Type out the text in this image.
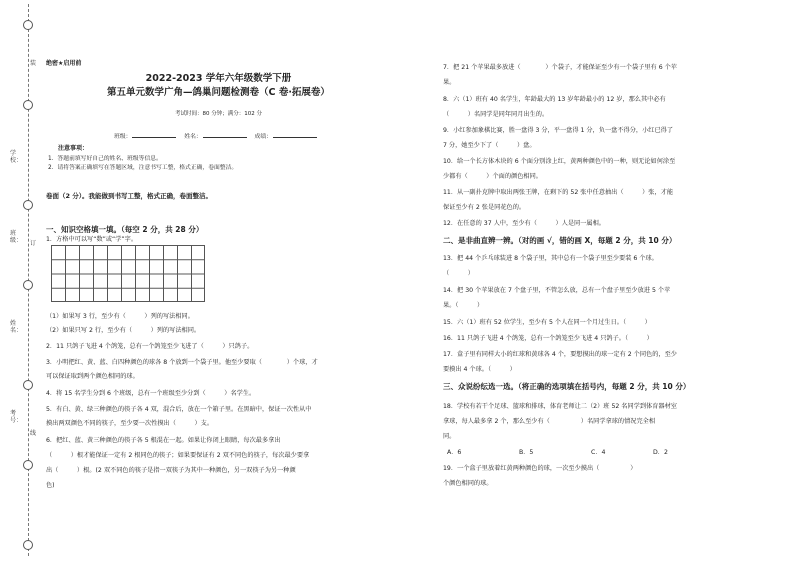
学校：
班级：
姓名：
考号：
装
订
线
绝密★启用前
2022-2023 学年六年级数学下册
第五单元数学广角—鸽巢问题检测卷（C 卷·拓展卷）
考试时间：80 分钟；满分：102 分
班级：	姓名：	成绩：
注意事项：
1．答题前填写好自己的姓名、班级等信息。
2．请将答案正确填写在答题区域，注意书写工整，格式正确，卷面整洁。
卷面（2 分）。我能做到书写工整，格式正确，卷面整洁。
一、知识空格填一填。（每空 2 分，共 28 分）
1．方格中可以写“数”或“学”字。
（1）如果写 3 行，至少有（　　　）列的写法相同。
（2）如果只写 2 行，至少有（　　　）列的写法相同。
2．11 只鸽子飞进 4 个鸽笼，总有一个鸽笼至少飞进了（　　　）只鸽子。
3．小明把红、黄、蓝、白四种颜色的球各 8 个放到一个袋子里。他至少要取（　　　　）个球，才
可以保证取到两个颜色相同的球。
4．将 15 名学生分到 6 个班级，总有一个班级至少分到（　　　）名学生。
5．有白、黄、绿三种颜色的筷子各 4 双，混合后，放在一个箱子里。在黑暗中，保证一次性从中
摸出两双颜色不同的筷子，至少要一次性摸出（　　　）支。
6．把红、蓝、黄三种颜色的筷子各 5 根混在一起。如果让你闭上眼睛，每次最多拿出
（　　　）根才能保证一定有 2 根同色的筷子；如果要保证有 2 双不同色的筷子，每次最少要拿
出（　　　）根。(2 双不同色的筷子是指一双筷子为其中一种颜色，另一双筷子为另一种颜
色)
7．把 21 个苹果最多放进（　　　　）个袋子，才能保证至少有一个袋子里有 6 个苹
果。
8．六（1）班有 40 名学生，年龄最大的 13 岁年龄最小的 12 岁，那么其中必有
（　　　）名同学是同年同月出生的。
9．小红参加象棋比赛，胜一盘得 3 分，平一盘得 1 分，负一盘不得分，小红已得了
7 分，她至少下了（　　　）盘。
10．给一个长方体木块的 6 个面分别涂上红，黄两种颜色中的一种，则无论如何涂至
少都有（　　　）个面的颜色相同。
11．从一副扑克牌中取出两张王牌，在剩下的 52 张中任意抽出（　　　）张，才能
保证至少有 2 张是同花色的。
12．在任意的 37 人中，至少有（　　　）人是同一属相。
二、是非曲直辨一辨。（对的画 √，错的画 X，每题 2 分，共 10 分）
13．把 44 个乒乓球装进 8 个袋子里，其中总有一个袋子里至少要装 6 个球。
（　　　）
14．把 30 个苹果放在 7 个盘子里，不管怎么放，总有一个盘子里至少放进 5 个苹
果。（　　　）
15．六（1）班有 52 位学生，至少有 5 个人在同一个月过生日。（　　　）
16．11 只鸽子飞进 4 个鸽笼，总有一个鸽笼至少飞进 4 只鸽子。（　　　）
17．盒子里有同样大小的红球和黄球各 4 个，要想摸出的球一定有 2 个同色的，至少
要摸出 4 个球。（　　　）
三、众说纷纭选一选。（将正确的选项填在括号内，每题 2 分，共 10 分）
18．学校有若干个足球、篮球和排球，体育老师让二（2）班 52 名同学到体育器材室
拿球，每人最多拿 2 个，那么至少有（　　　　　）名同学拿球的情况完全相
同。
A．6	B．5	C．4	D．2
19．一个盒子里放着红黄两种颜色的球，一次至少摸出（　　　　　）
个颜色相同的球。
